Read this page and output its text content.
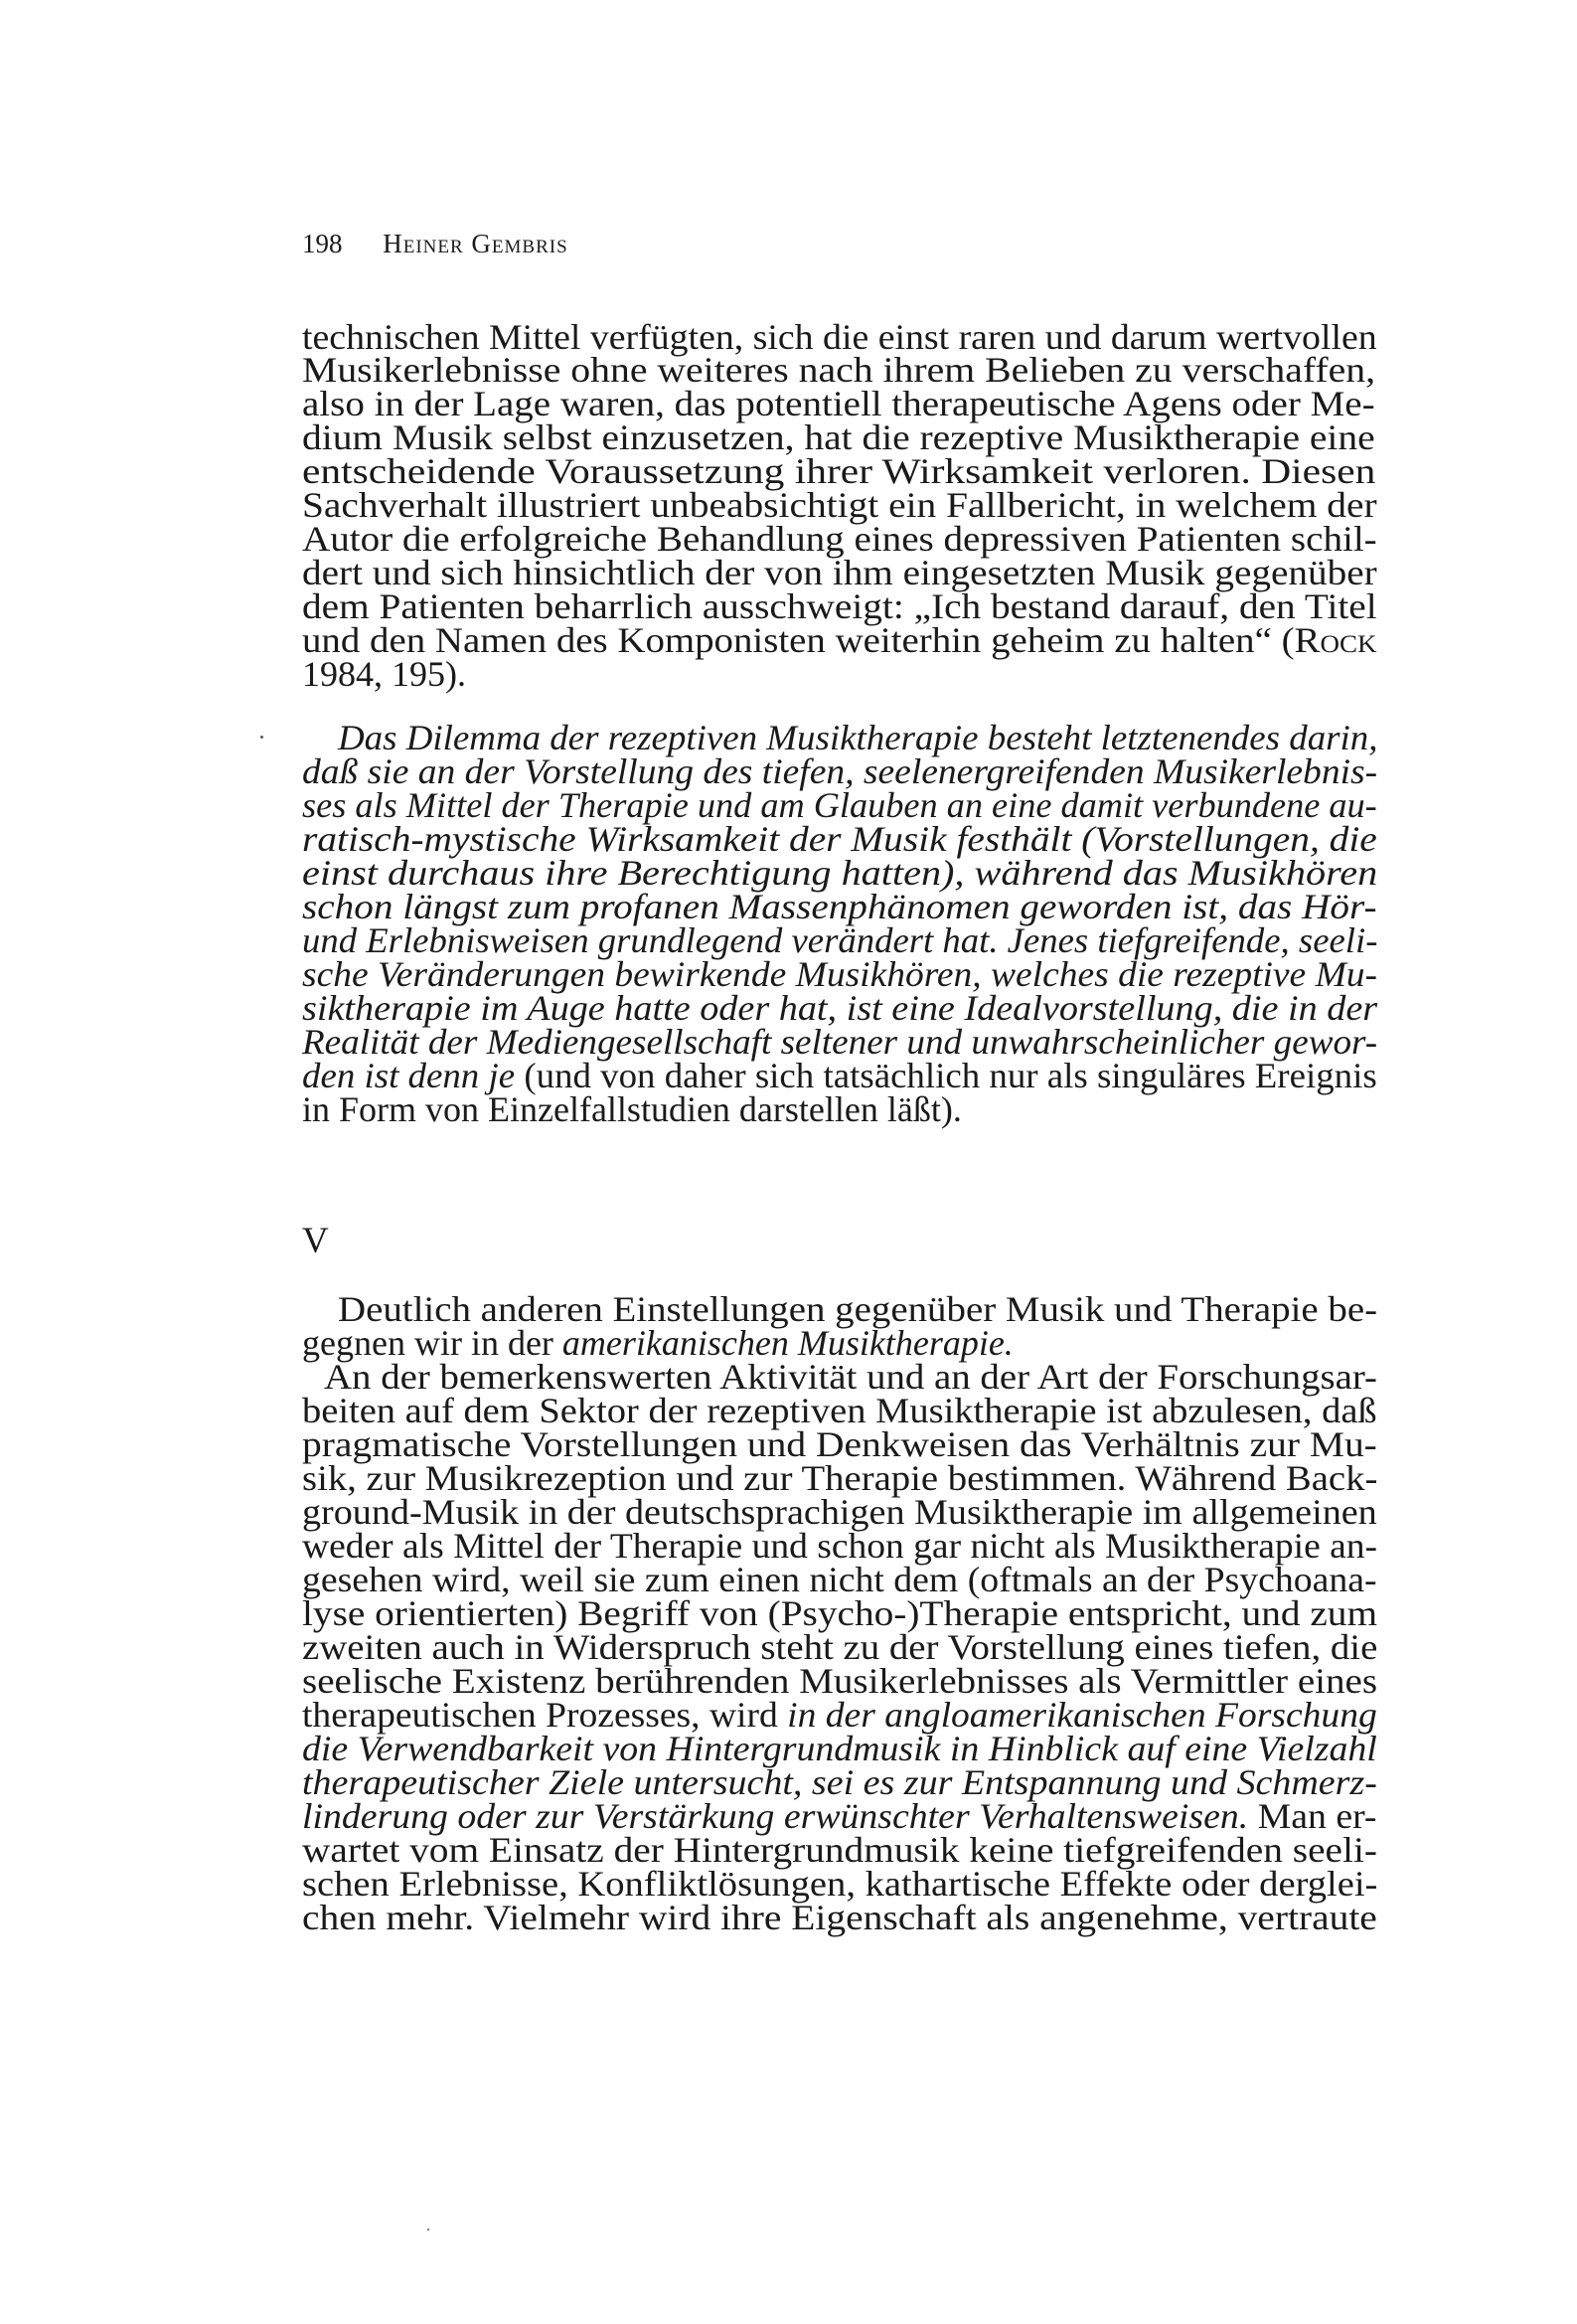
198 Heiner Gembris
technischen Mittel verfügten, sich die einst raren und darum wertvollen
Musikerlebnisse ohne weiteres nach ihrem Belieben zu verschaffen,
also in der Lage waren, das potentiell therapeutische Agens oder Me-
dium Musik selbst einzusetzen, hat die rezeptive Musiktherapie eine
entscheidende Voraussetzung ihrer Wirksamkeit verloren. Diesen
Sachverhalt illustriert unbeabsichtigt ein Fallbericht, in welchem der
Autor die erfolgreiche Behandlung eines depressiven Patienten schil-
dert und sich hinsichtlich der von ihm eingesetzten Musik gegenüber
dem Patienten beharrlich ausschweigt: „Ich bestand darauf, den Titel
und den Namen des Komponisten weiterhin geheim zu halten“ (Rock
1984, 195).
Das Dilemma der rezeptiven Musiktherapie besteht letztenendes darin,
daß sie an der Vorstellung des tiefen, seelenergreifenden Musikerlebnis-
ses als Mittel der Therapie und am Glauben an eine damit verbundene au-
ratisch-mystische Wirksamkeit der Musik festhält (Vorstellungen, die
einst durchaus ihre Berechtigung hatten), während das Musikhören
schon längst zum profanen Massenphänomen geworden ist, das Hör-
und Erlebnisweisen grundlegend verändert hat. Jenes tiefgreifende, seeli-
sche Veränderungen bewirkende Musikhören, welches die rezeptive Mu-
siktherapie im Auge hatte oder hat, ist eine Idealvorstellung, die in der
Realität der Mediengesellschaft seltener und unwahrscheinlicher gewor-
den ist denn je (und von daher sich tatsächlich nur als singuläres Ereignis
in Form von Einzelfallstudien darstellen läßt).
V
Deutlich anderen Einstellungen gegenüber Musik und Therapie be-
gegnen wir in der amerikanischen Musiktherapie.
An der bemerkenswerten Aktivität und an der Art der Forschungsar-
beiten auf dem Sektor der rezeptiven Musiktherapie ist abzulesen, daß
pragmatische Vorstellungen und Denkweisen das Verhältnis zur Mu-
sik, zur Musikrezeption und zur Therapie bestimmen. Während Back-
ground-Musik in der deutschsprachigen Musiktherapie im allgemeinen
weder als Mittel der Therapie und schon gar nicht als Musiktherapie an-
gesehen wird, weil sie zum einen nicht dem (oftmals an der Psychoana-
lyse orientierten) Begriff von (Psycho-)Therapie entspricht, und zum
zweiten auch in Widerspruch steht zu der Vorstellung eines tiefen, die
seelische Existenz berührenden Musikerlebnisses als Vermittler eines
therapeutischen Prozesses, wird in der angloamerikanischen Forschung
die Verwendbarkeit von Hintergrundmusik in Hinblick auf eine Vielzahl
therapeutischer Ziele untersucht, sei es zur Entspannung und Schmerz-
linderung oder zur Verstärkung erwünschter Verhaltensweisen. Man er-
wartet vom Einsatz der Hintergrundmusik keine tiefgreifenden seeli-
schen Erlebnisse, Konfliktlösungen, kathartische Effekte oder derglei-
chen mehr. Vielmehr wird ihre Eigenschaft als angenehme, vertraute
